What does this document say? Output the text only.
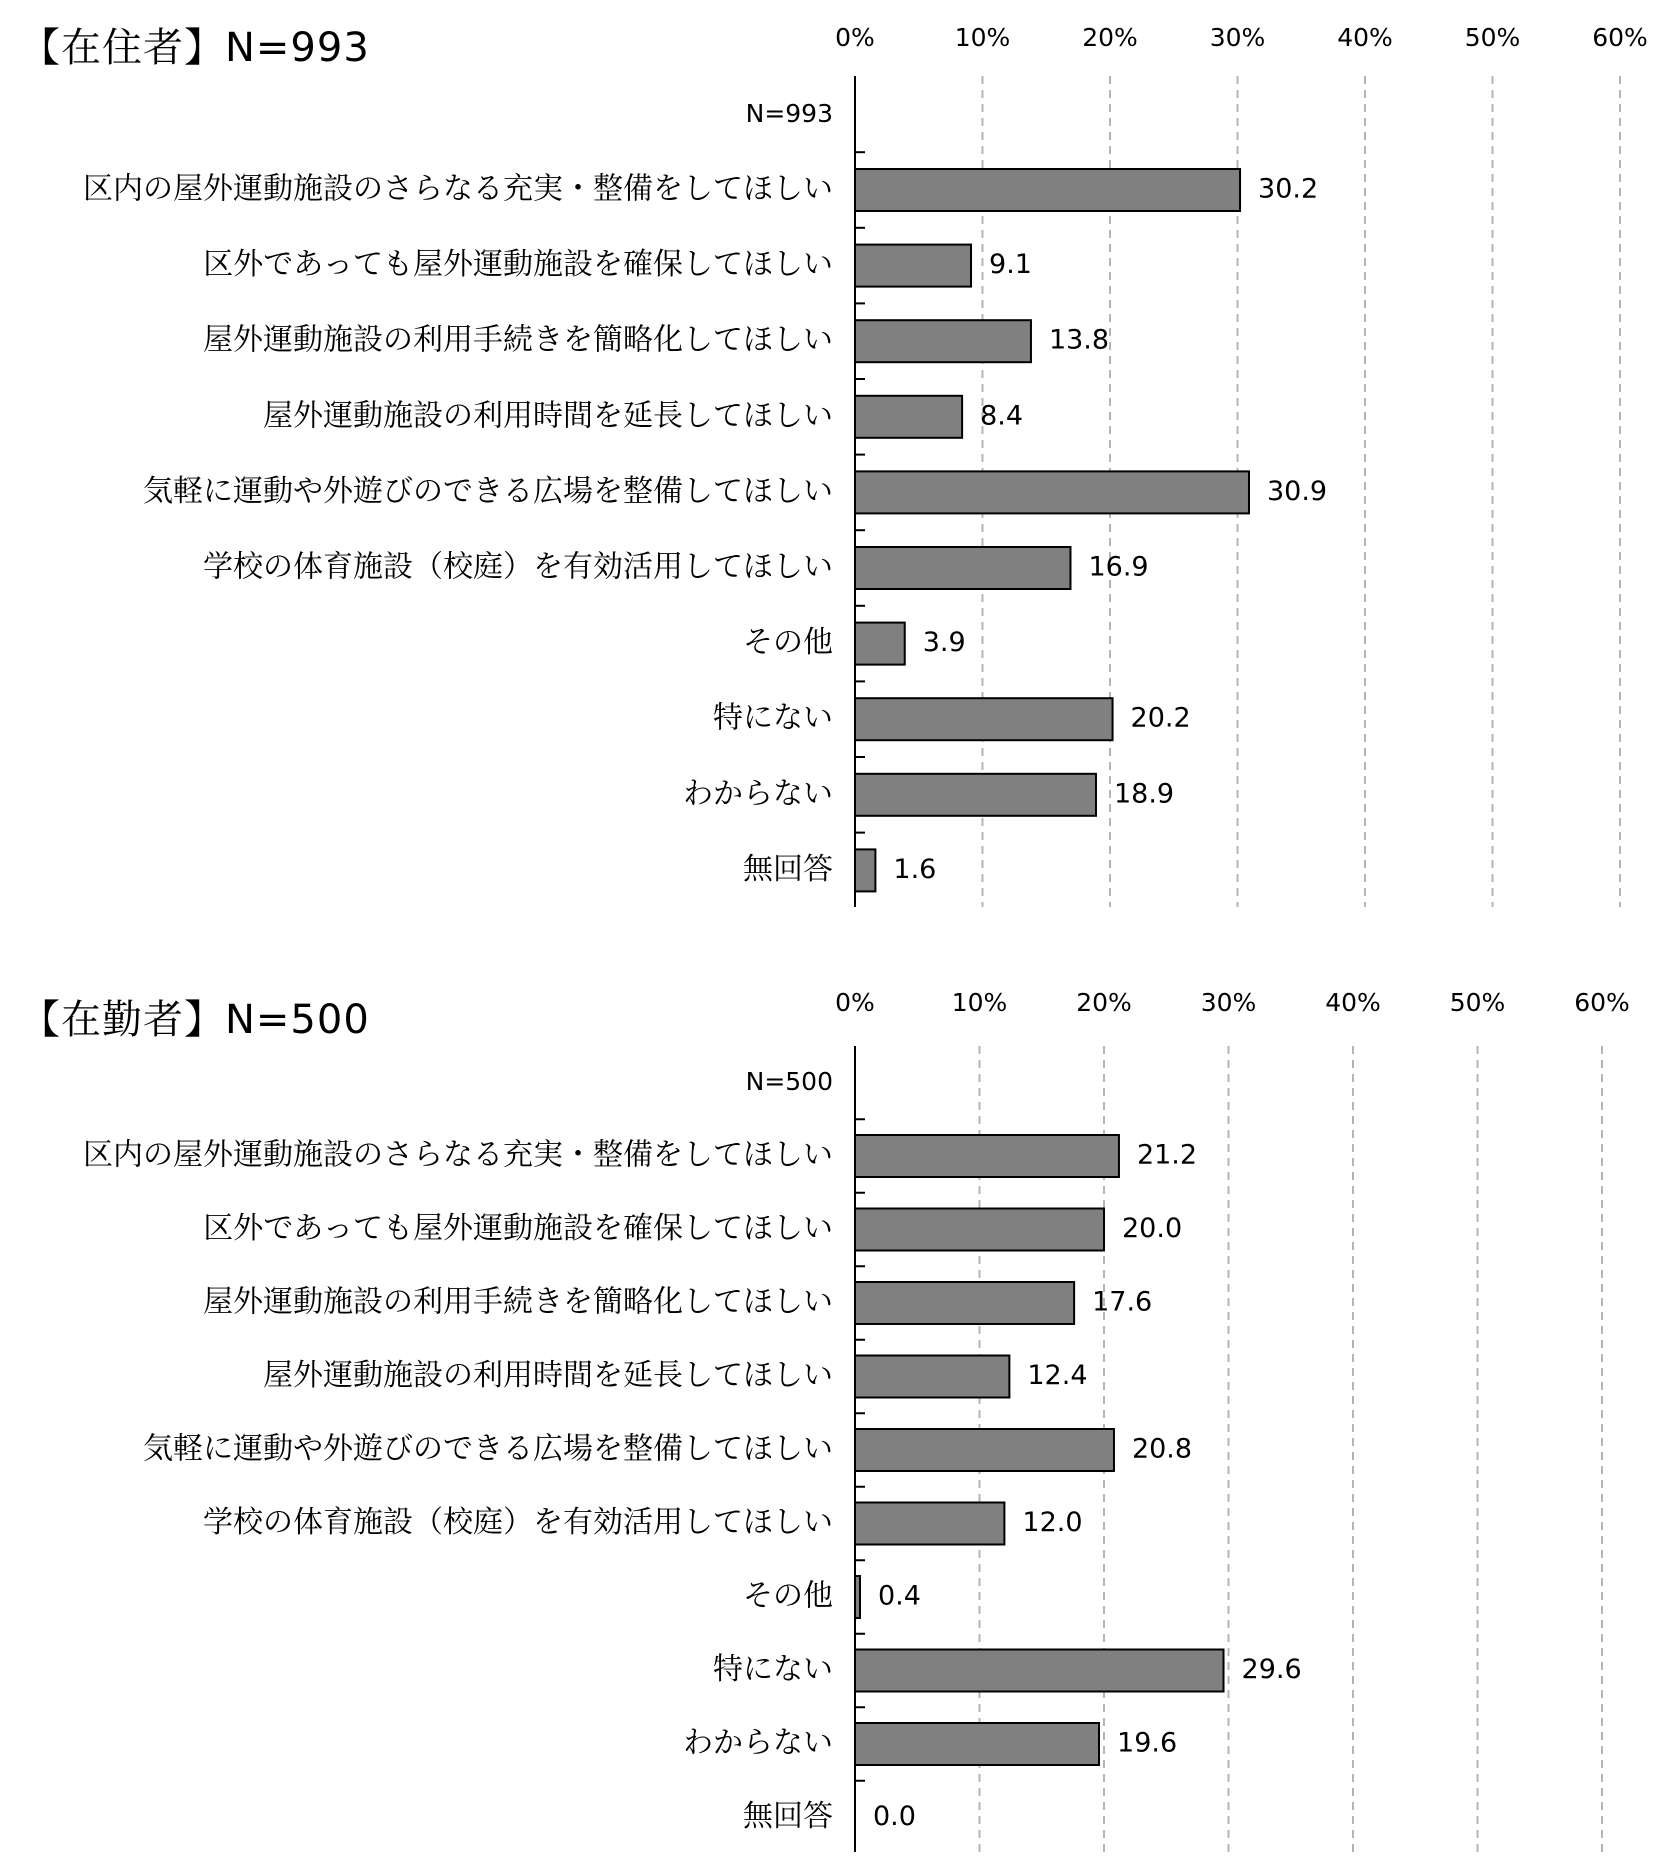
【在住者】N=993	0%	10%	20%	30%	40%	50%	60%
N=993
区内の屋外運動施設のさらなる充実・整備をしてほしい	30.2
区外であっても屋外運動施設を確保してほしい	9.1
屋外運動施設の利用手続きを簡略化してほしい	13.8
屋外運動施設の利用時間を延長してほしい	8.4
気軽に運動や外遊びのできる広場を整備してほしい	30.9
学校の体育施設（校庭）を有効活用してほしい	16.9
その他	3.9
特にない	20.2
わからない	18.9
無回答 1.6
【在勤者】N=500	0%	10%	20%	30%	40%	50%	60%
N=500
区内の屋外運動施設のさらなる充実・整備をしてほしい	21.2
区外であっても屋外運動施設を確保してほしい	20.0
屋外運動施設の利用手続きを簡略化してほしい	17.6
屋外運動施設の利用時間を延長してほしい	12.4
気軽に運動や外遊びのできる広場を整備してほしい	20.8
学校の体育施設（校庭）を有効活用してほしい	12.0
その他 0.4
特にない	29.6
わからない	19.6
無回答 0.0
